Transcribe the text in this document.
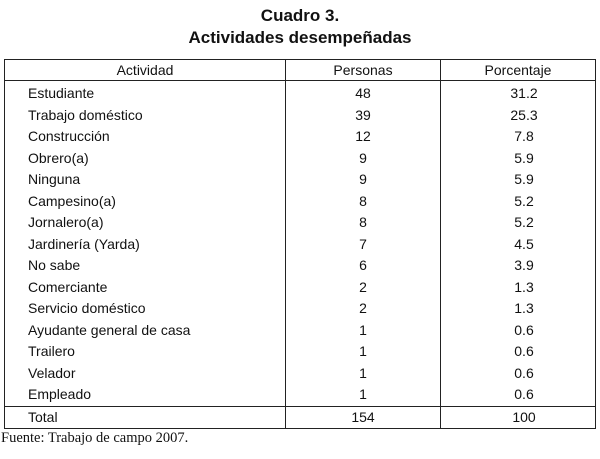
Cuadro 3.
Actividades desempeñadas
Actividad	Personas	Porcentaje
Estudiante	48	31.2
Trabajo doméstico	39	25.3
Construcción	12	7.8
Obrero(a)	9	5.9
Ninguna	9	5.9
Campesino(a)	8	5.2
Jornalero(a)	8	5.2
Jardinería (Yarda)	7	4.5
No sabe	6	3.9
Comerciante	2	1.3
Servicio doméstico	2	1.3
Ayudante general de casa	1	0.6
Trailero	1	0.6
Velador	1	0.6
Empleado	1	0.6
Total	154	100
Fuente: Trabajo de campo 2007.
